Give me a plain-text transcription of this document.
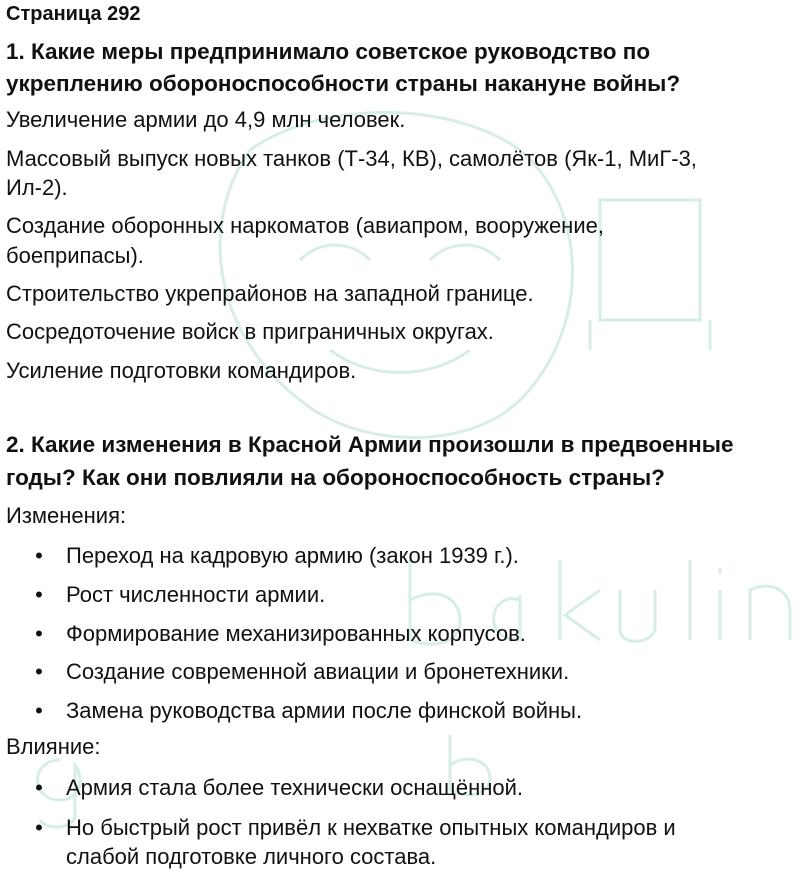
Страница 292
1. Какие меры предпринимало советское руководство по
укреплению обороноспособности страны накануне войны?
Увеличение армии до 4,9 млн человек.
Массовый выпуск новых танков (Т-34, КВ), самолётов (Як-1, МиГ-3,
Ил-2).
Создание оборонных наркоматов (авиапром, вооружение,
боеприпасы).
Строительство укрепрайонов на западной границе.
Сосредоточение войск в приграничных округах.
Усиление подготовки командиров.
2. Какие изменения в Красной Армии произошли в предвоенные
годы? Как они повлияли на обороноспособность страны?
Изменения:
• Переход на кадровую армию (закон 1939 г.).
• Рост численности армии.
• Формирование механизированных корпусов.
• Создание современной авиации и бронетехники.
• Замена руководства армии после финской войны.
Влияние:
• Армия стала более технически оснащённой.
• Но быстрый рост привёл к нехватке опытных командиров и
слабой подготовке личного состава.
